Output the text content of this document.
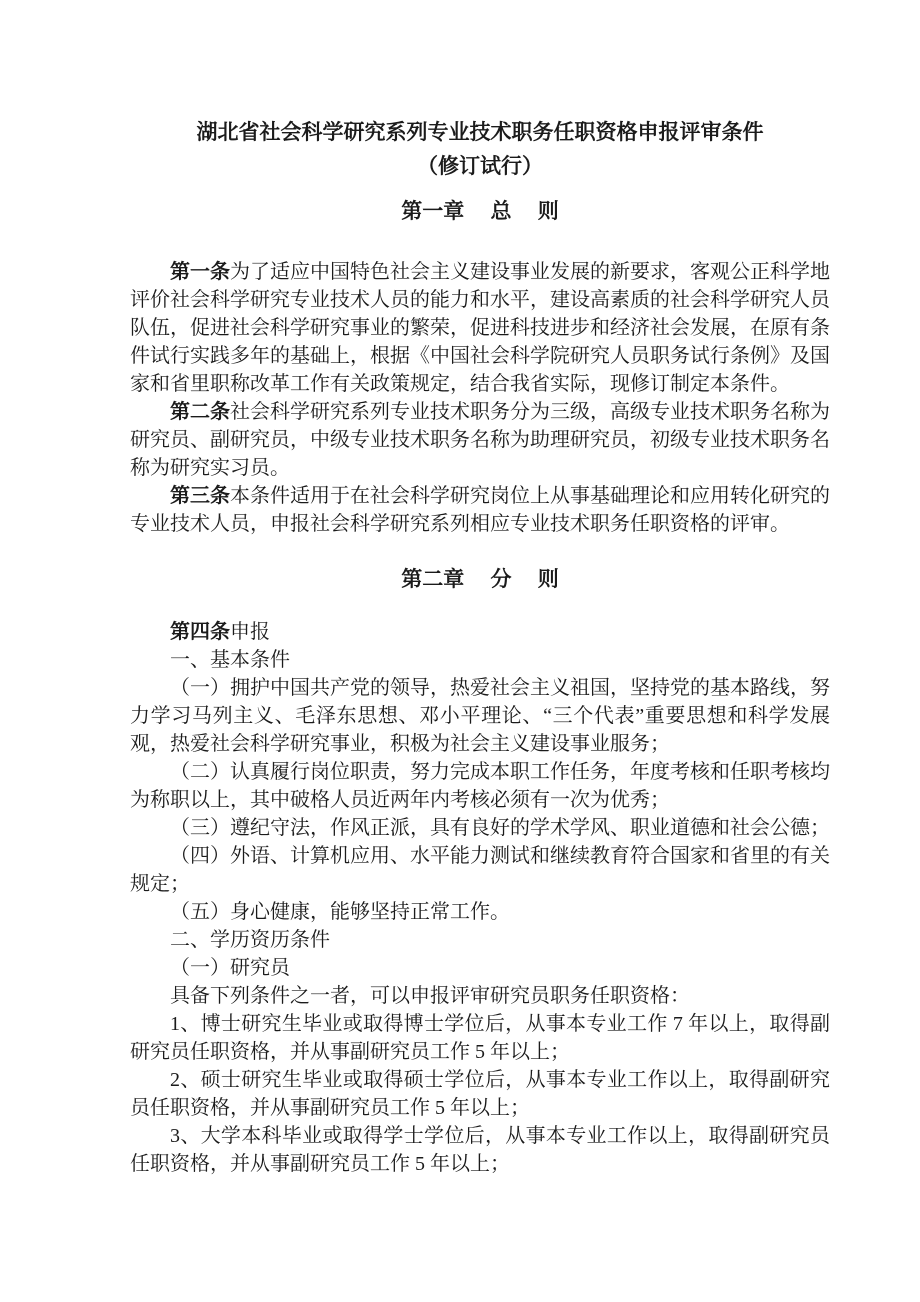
湖北省社会科学研究系列专业技术职务任职资格申报评审条件
（修订试行）
第一章　 总　 则

第一条为了适应中国特色社会主义建设事业发展的新要求，客观公正科学地评价社会科学研究专业技术人员的能力和水平，建设高素质的社会科学研究人员队伍，促进社会科学研究事业的繁荣，促进科技进步和经济社会发展，在原有条件试行实践多年的基础上，根据《中国社会科学院研究人员职务试行条例》及国家和省里职称改革工作有关政策规定，结合我省实际，现修订制定本条件。

第二条社会科学研究系列专业技术职务分为三级，高级专业技术职务名称为研究员、副研究员，中级专业技术职务名称为助理研究员，初级专业技术职务名称为研究实习员。

第三条本条件适用于在社会科学研究岗位上从事基础理论和应用转化研究的专业技术人员，申报社会科学研究系列相应专业技术职务任职资格的评审。

第二章　 分　 则

第四条申报

一、基本条件

（一）拥护中国共产党的领导，热爱社会主义祖国，坚持党的基本路线，努力学习马列主义、毛泽东思想、邓小平理论、“三个代表”重要思想和科学发展观，热爱社会科学研究事业，积极为社会主义建设事业服务；

（二）认真履行岗位职责，努力完成本职工作任务，年度考核和任职考核均为称职以上，其中破格人员近两年内考核必须有一次为优秀；

（三）遵纪守法，作风正派，具有良好的学术学风、职业道德和社会公德；

（四）外语、计算机应用、水平能力测试和继续教育符合国家和省里的有关规定；

（五）身心健康，能够坚持正常工作。

二、学历资历条件

（一）研究员

具备下列条件之一者，可以申报评审研究员职务任职资格：

1、博士研究生毕业或取得博士学位后，从事本专业工作 7 年以上，取得副研究员任职资格，并从事副研究员工作 5 年以上；

2、硕士研究生毕业或取得硕士学位后，从事本专业工作以上，取得副研究员任职资格，并从事副研究员工作 5 年以上；

3、大学本科毕业或取得学士学位后，从事本专业工作以上，取得副研究员任职资格，并从事副研究员工作 5 年以上；
